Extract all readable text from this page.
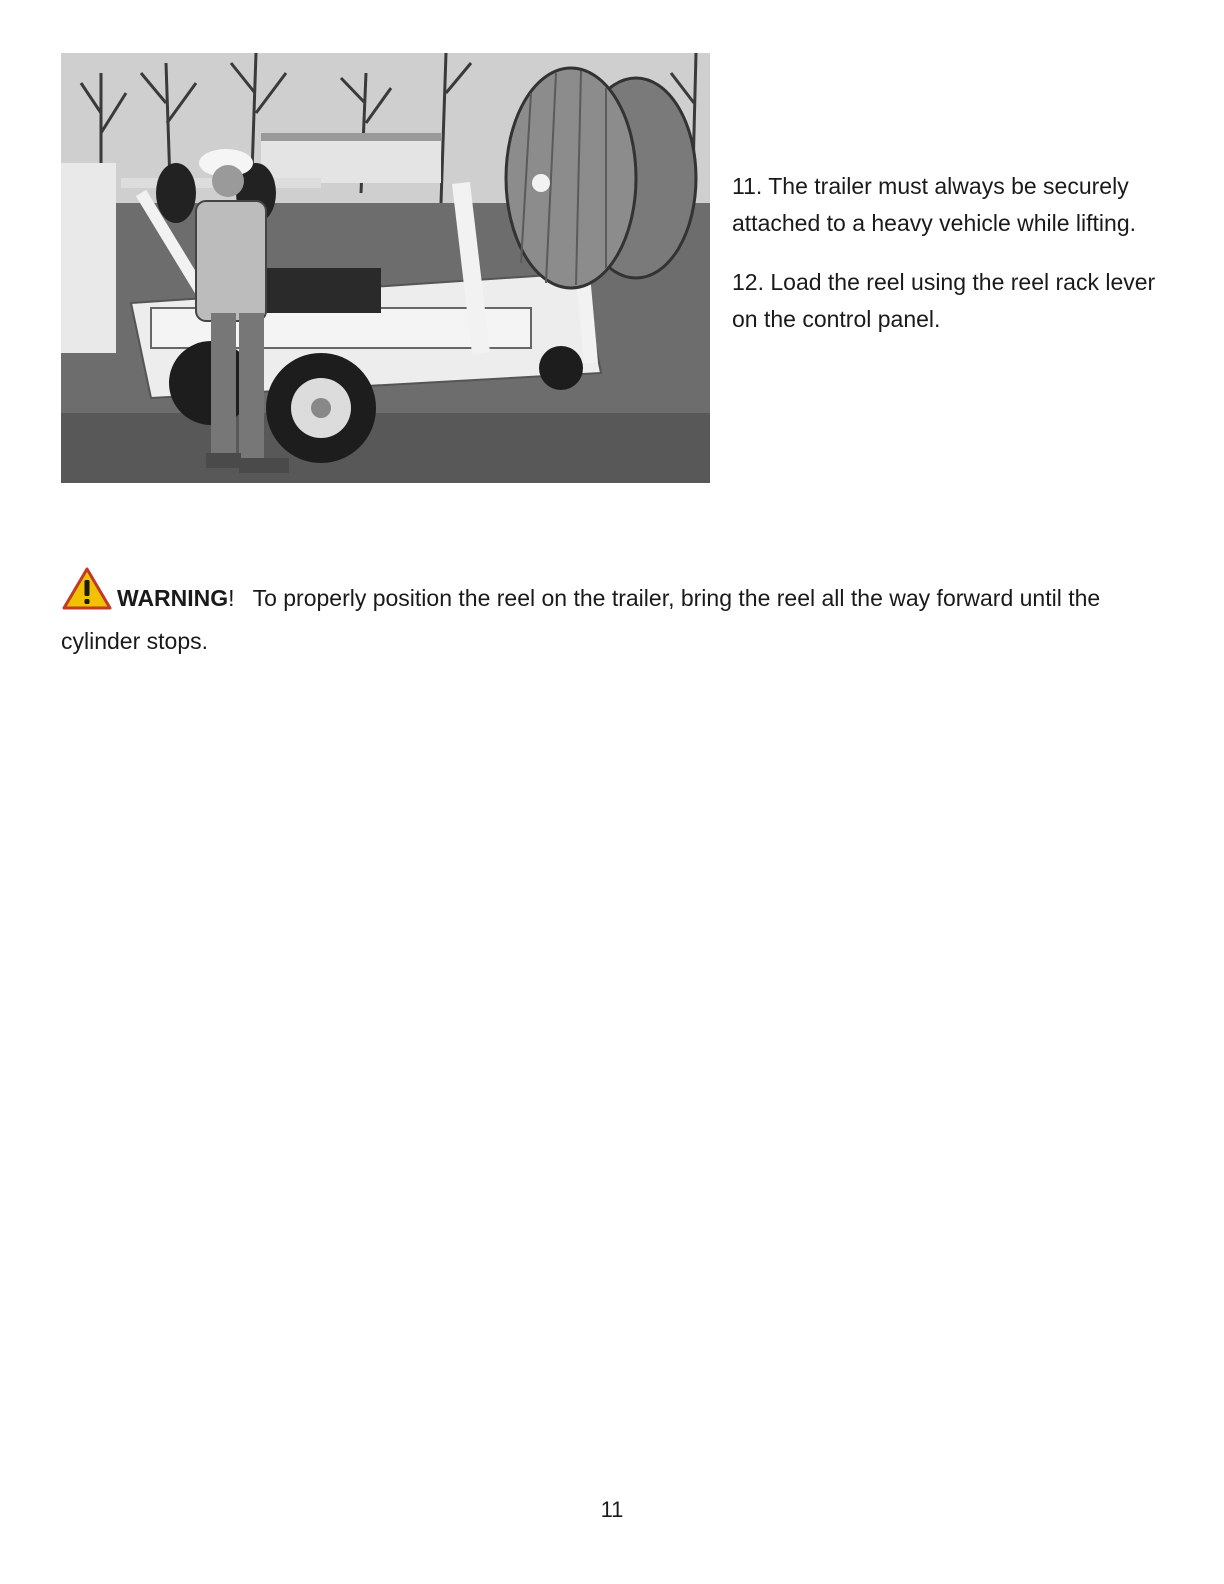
11. The trailer must always be securely attached to a heavy vehicle while lifting.

12. Load the reel using the reel rack lever on the control panel.

WARNING! To properly position the reel on the trailer, bring the reel all the way forward until the cylinder stops.
11
